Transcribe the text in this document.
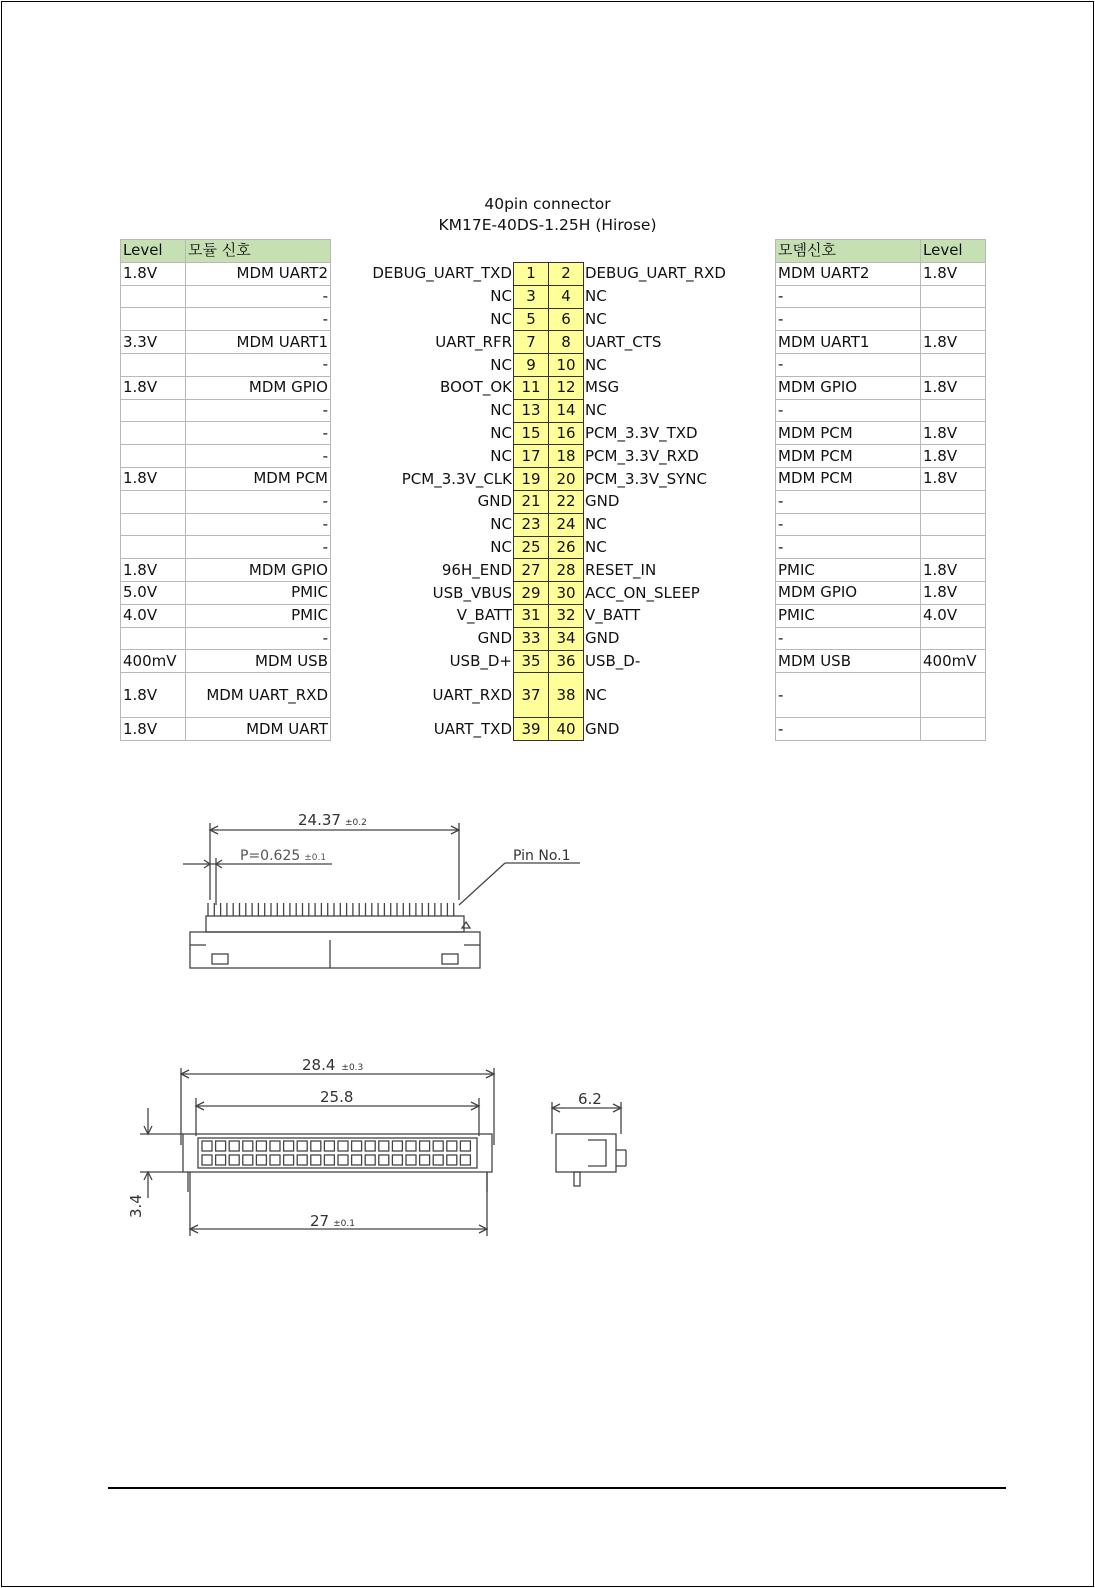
40pin connector
KM17E-40DS-1.25H (Hirose)
Level	모듈 신호
1.8V	MDM UART2
	-
	-
3.3V	MDM UART1
	-
1.8V	MDM GPIO
	-
	-
	-
1.8V	MDM PCM
	-
	-
	-
1.8V	MDM GPIO
5.0V	PMIC
4.0V	PMIC
	-
400mV	MDM USB
1.8V	MDM UART_RXD
1.8V	MDM UART
DEBUG_UART_TXD	1	2	DEBUG_UART_RXD
NC	3	4	NC
NC	5	6	NC
UART_RFR	7	8	UART_CTS
NC	9	10	NC
BOOT_OK	11	12	MSG
NC	13	14	NC
NC	15	16	PCM_3.3V_TXD
NC	17	18	PCM_3.3V_RXD
PCM_3.3V_CLK	19	20	PCM_3.3V_SYNC
GND	21	22	GND
NC	23	24	NC
NC	25	26	NC
96H_END	27	28	RESET_IN
USB_VBUS	29	30	ACC_ON_SLEEP
V_BATT	31	32	V_BATT
GND	33	34	GND
USB_D+	35	36	USB_D-
UART_RXD	37	38	NC
UART_TXD	39	40	GND
모뎀신호	Level
MDM UART2	1.8V
-	
-	
MDM UART1	1.8V
-	
MDM GPIO	1.8V
-	
MDM PCM	1.8V
MDM PCM	1.8V
MDM PCM	1.8V
-	
-	
-	
PMIC	1.8V
MDM GPIO	1.8V
PMIC	4.0V
-	
MDM USB	400mV
-	
-	
24.37 ±0.2
P=0.625 ±0.1	Pin No.1
28.4 ±0.3
25.8
27 ±0.1
3.4
6.2
